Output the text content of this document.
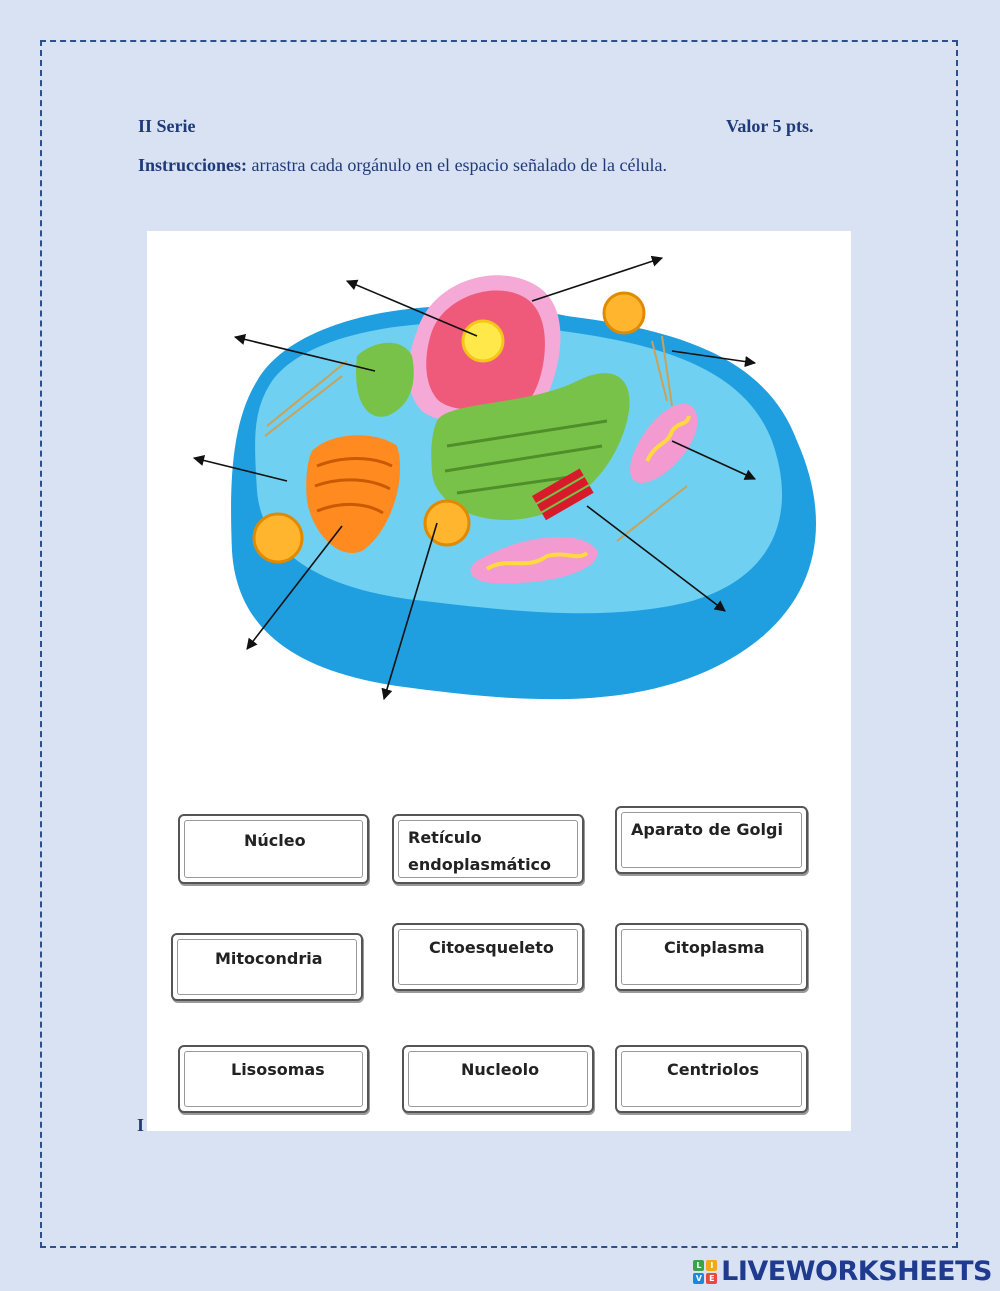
II Serie	Valor 5 pts.
Instrucciones: arrastra cada orgánulo en el espacio señalado de la célula.
I
Núcleo	Retículo
endoplasmático
Aparato de Golgi
Mitocondria
Citoesqueleto	Citoplasma
Lisosomas	Nucleolo	Centriolos
L	I
V E LIVEWORKSHEETS
